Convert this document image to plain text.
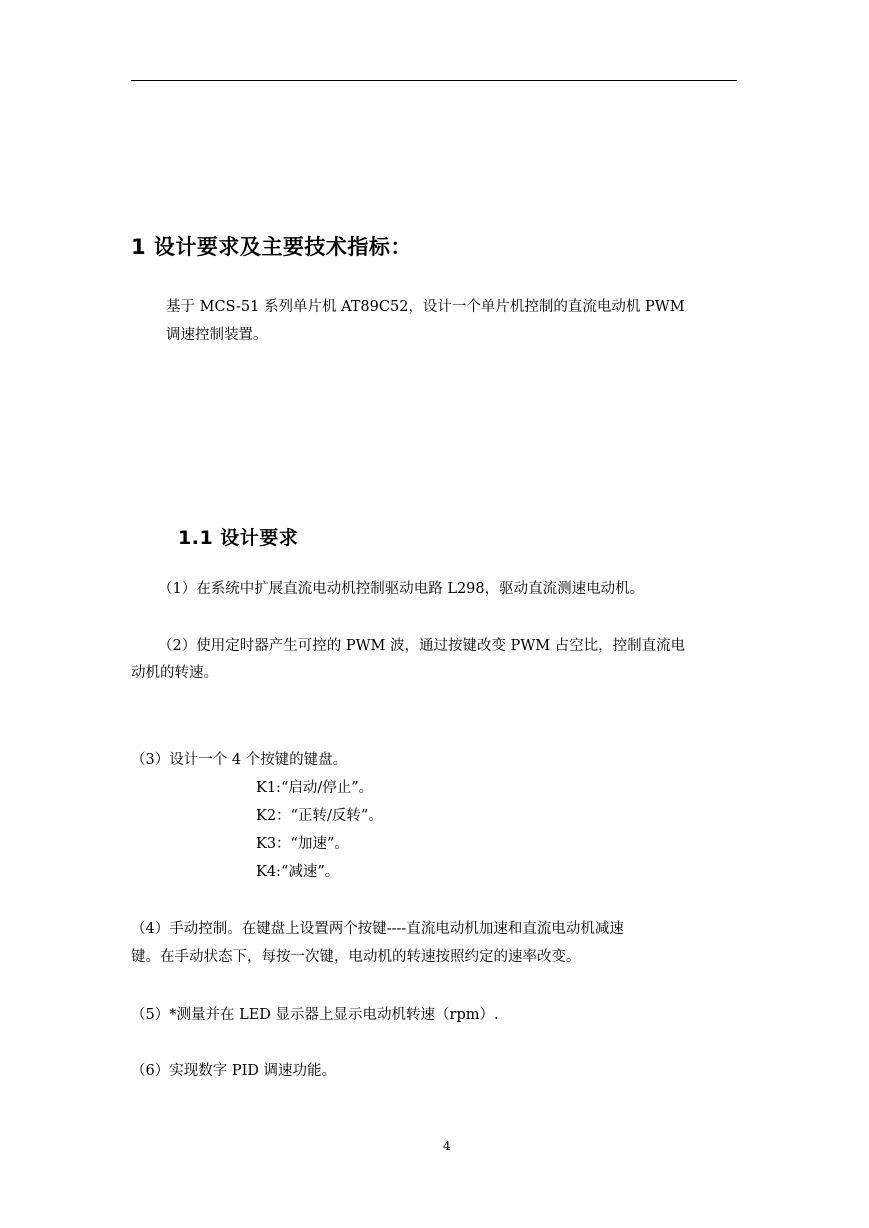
1 设计要求及主要技术指标：
基于 MCS-51 系列单片机 AT89C52，设计一个单片机控制的直流电动机 PWM
调速控制装置。
1.1 设计要求
（1）在系统中扩展直流电动机控制驱动电路 L298，驱动直流测速电动机。
（2）使用定时器产生可控的 PWM 波，通过按键改变 PWM 占空比，控制直流电
动机的转速。
（3）设计一个 4 个按键的键盘。
K1:“启动/停止”。
K2：“正转/反转”。
K3：“加速”。
K4:“减速”。
（4）手动控制。在键盘上设置两个按键----直流电动机加速和直流电动机减速
键。在手动状态下，每按一次键，电动机的转速按照约定的速率改变。
（5）*测量并在 LED 显示器上显示电动机转速（rpm）.
（6）实现数字 PID 调速功能。
4
